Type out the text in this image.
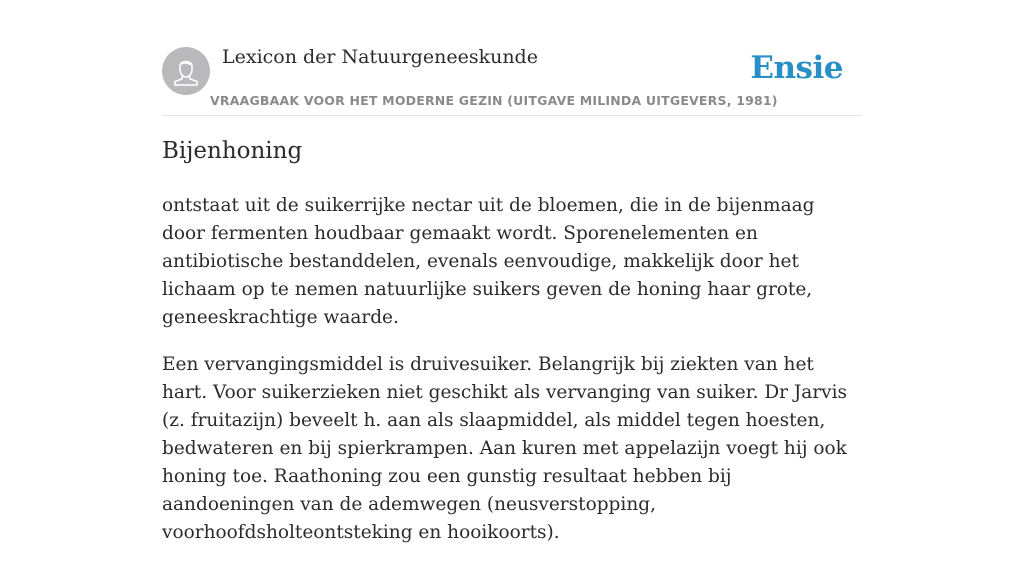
Lexicon der Natuurgeneeskunde
VRAAGBAAK VOOR HET MODERNE GEZIN (UITGAVE MILINDA UITGEVERS, 1981)
Ensie
Bijenhoning

ontstaat uit de suikerrijke nectar uit de bloemen, die in de bijenmaag door fermenten houdbaar gemaakt wordt. Sporenelementen en antibiotische bestanddelen, evenals eenvoudige, makkelijk door het lichaam op te nemen natuurlijke suikers geven de honing haar grote, geneeskrachtige waarde.

Een vervangingsmiddel is druivesuiker. Belangrijk bij ziekten van het hart. Voor suikerzieken niet geschikt als vervanging van suiker. Dr Jarvis (z. fruitazijn) beveelt h. aan als slaapmiddel, als middel tegen hoesten, bedwateren en bij spierkrampen. Aan kuren met appelazijn voegt hij ook honing toe. Raathoning zou een gunstig resultaat hebben bij aandoeningen van de ademwegen (neusverstopping, voorhoofdsholteontsteking en hooikoorts).
